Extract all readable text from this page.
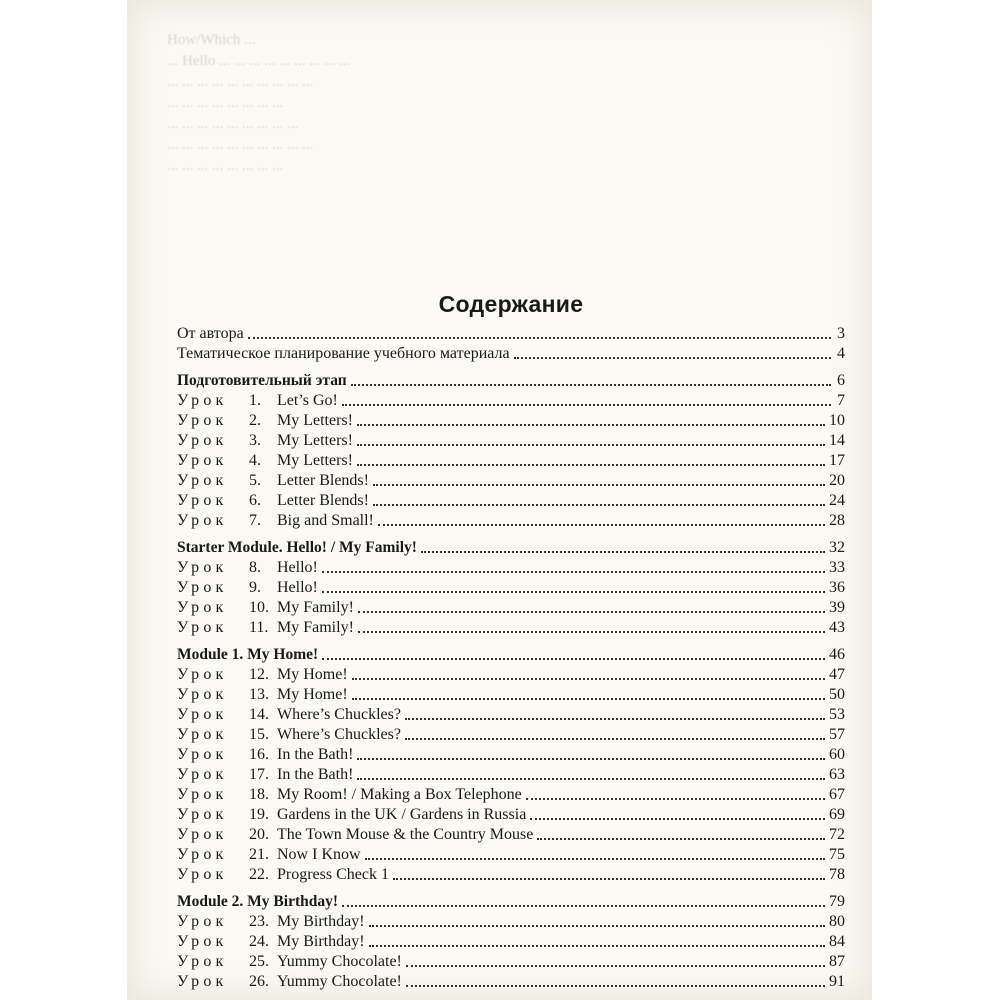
How/Which ...
... Hello ... ... ... ... ... ... ... ... ...
... ... ... ... ... ... ... ... ... ...
... ... ... ... ... ... ... ...
... ... ... ... ... ... ... ... ...
... ... ... ... ... ... ... ... ... ...
... ... ... ... ... ... ... ...
Содержание
От автора	3
Тематическое планирование учебного материала	4
Подготовительный этап	6
Урок 1. Let’s Go!	7
Урок 2. My Letters!	10
Урок 3. My Letters!	14
Урок 4. My Letters!	17
Урок 5. Letter Blends!	20
Урок 6. Letter Blends!	24
Урок 7. Big and Small!	28
Starter Module. Hello! / My Family!	32
Урок 8. Hello!	33
Урок 9. Hello!	36
Урок 10. My Family!	39
Урок 11. My Family!	43
Module 1. My Home!	46
Урок 12. My Home!	47
Урок 13. My Home!	50
Урок 14. Where’s Chuckles?	53
Урок 15. Where’s Chuckles?	57
Урок 16. In the Bath!	60
Урок 17. In the Bath!	63
Урок 18. My Room! / Making a Box Telephone	67
Урок 19. Gardens in the UK / Gardens in Russia	69
Урок 20. The Town Mouse & the Country Mouse	72
Урок 21. Now I Know	75
Урок 22. Progress Check 1	78
Module 2. My Birthday!	79
Урок 23. My Birthday!	80
Урок 24. My Birthday!	84
Урок 25. Yummy Chocolate!	87
Урок 26. Yummy Chocolate!	91
